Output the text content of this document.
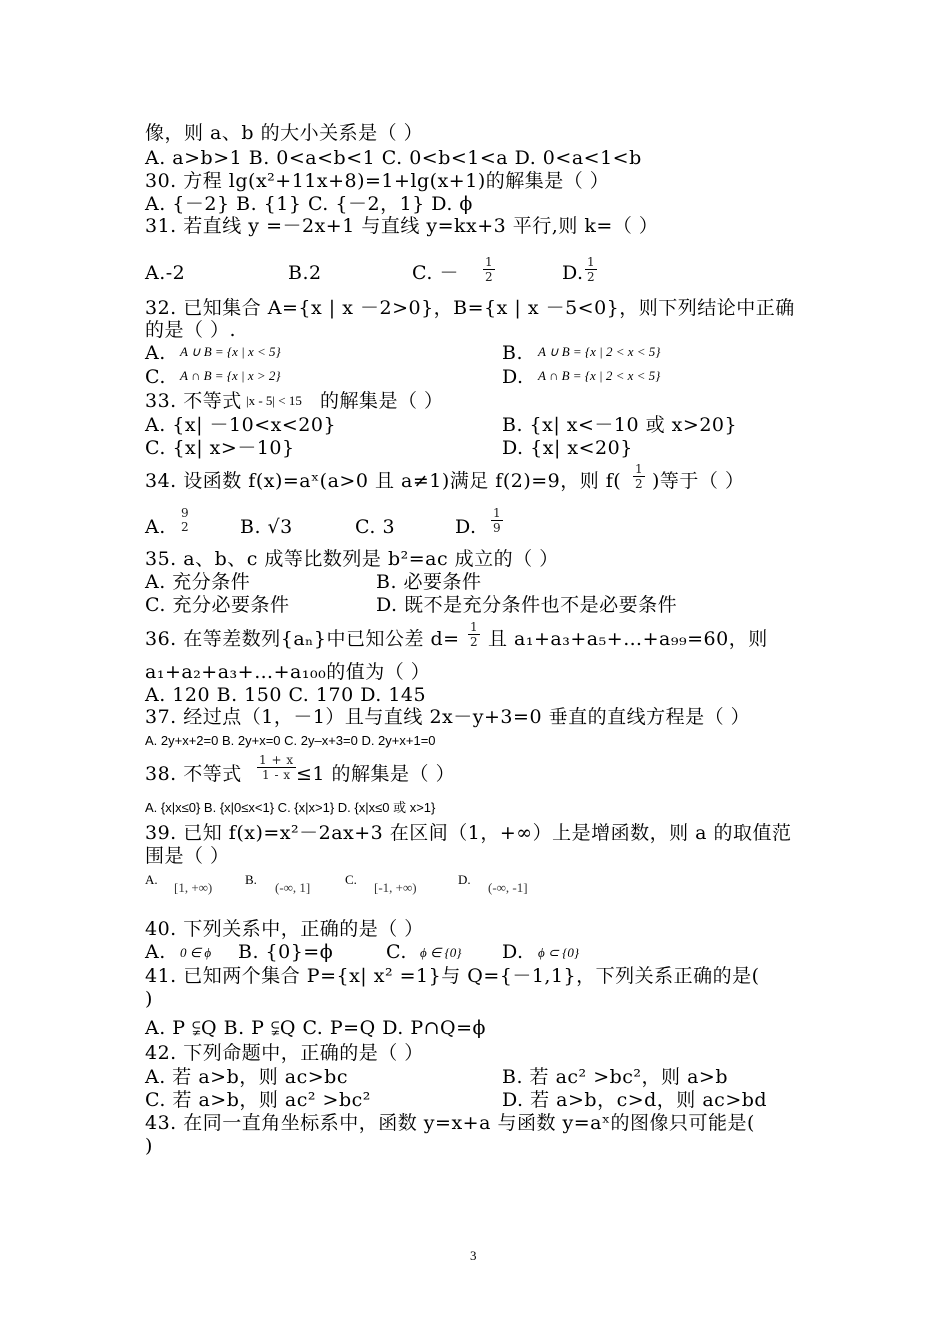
像，则 a、b 的大小关系是（ ）
A. a>b>1 B. 0<a<b<1 C. 0<b<1<a D. 0<a<1<b
30. 方程 lg(x²+11x+8)=1+lg(x+1)的解集是（ ）
A. {－2} B. {1} C. {－2，1} D. ϕ
31. 若直线 y =－2x+1 与直线 y=kx+3 平行,则 k=（ ）
A.-2	B.2	C. － $\frac{1}{2}$	D. $\frac{1}{2}$
32. 已知集合 A={x | x －2>0}，B={x | x －5<0}，则下列结论中正确
的是（ ）.
A. A ∪ B = {x | x < 5}	B. A ∪ B = {x | 2 < x < 5}
C. A ∩ B = {x | x > 2}	D. A ∩ B = {x | 2 < x < 5}
33. 不等式 |x - 5| < 15 的解集是（ ）
A. {x| －10<x<20}	B. {x| x<－10 或 x>20}
C. {x| x>－10}	D. {x| x<20}
34. 设函数 f(x)=aˣ(a>0 且 a≠1)满足 f(2)=9，则 $f( \frac{1}{2}$ )等于（ ）
A.
9
2	B. √3	C. 3	D. $\frac{1}{9}$
35. a、b、c 成等比数列是 b²=ac 成立的（ ）
A. 充分条件	B. 必要条件
C. 充分必要条件	D. 既不是充分条件也不是必要条件
36. 在等差数列{aₙ}中已知公差 $d= \frac{1}{2}$ 且 a₁+a₃+a₅+…+a₉₉=60，则
a₁+a₂+a₃+…+a₁₀₀的值为（ ）
A. 120 B. 150 C. 170 D. 145
37. 经过点（1，－1）且与直线 2x－y+3=0 垂直的直线方程是（ ）
A. 2y+x+2=0 B. 2y+x=0 C. 2y–x+3=0 D. 2y+x+1=0
38. 不等式 $\frac{1 + x}{1 - x} \le 1$ 的解集是（ ）
A. {x|x≤0} B. {x|0≤x<1} C. {x|x>1} D. {x|x≤0 或 x>1}
39. 已知 f(x)=x²－2ax+3 在区间（1，+∞）上是增函数，则 a 的取值范
围是（ ）
A.
[1, +∞)
B.
(-∞, 1]
C.
[-1, +∞)
D.
(-∞, -1]
40. 下列关系中，正确的是（ ）
A. 0 ∈ ϕ B. {0}=ϕ	C. ϕ ∈ {0} D. ϕ ⊂ {0}
41. 已知两个集合 P={x| x² =1}与 Q={－1,1}，下列关系正确的是(
)
A. P ⫋Q B. P ⫋Q C. P=Q D. P∩Q=ϕ
42. 下列命题中，正确的是（ ）
A. 若 a>b，则 ac>bc	B. 若 ac² >bc²，则 a>b
C. 若 a>b，则 ac² >bc²	D. 若 a>b，c>d，则 ac>bd
43. 在同一直角坐标系中，函数 y=x+a 与函数 y=aˣ的图像只可能是(
)
3
